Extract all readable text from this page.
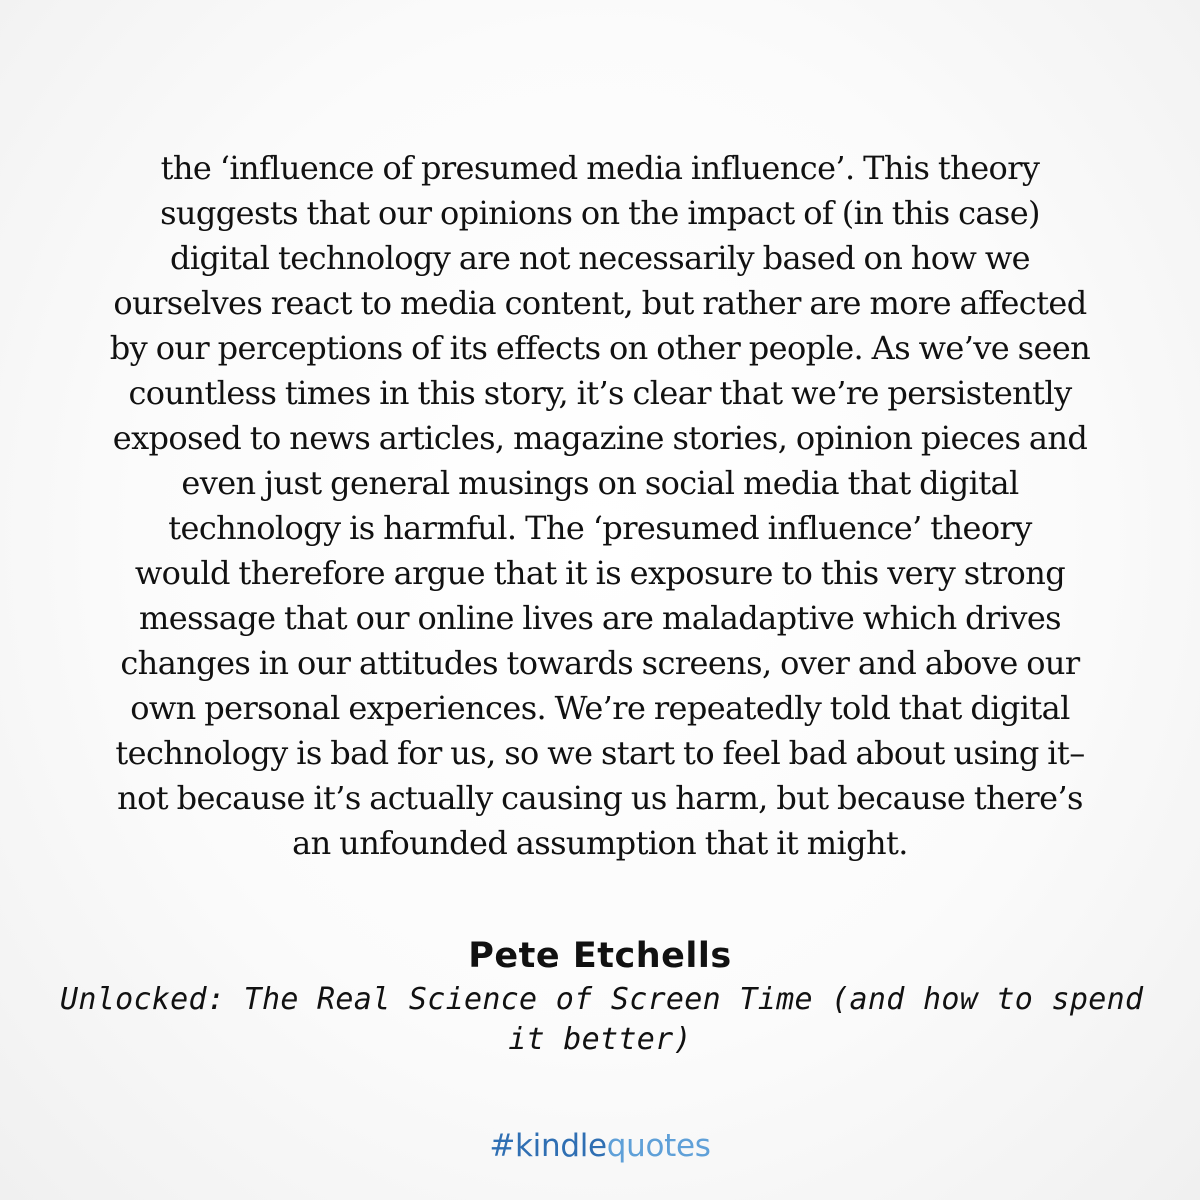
the ‘influence of presumed media influence’. This theory
suggests that our opinions on the impact of (in this case)
digital technology are not necessarily based on how we
ourselves react to media content, but rather are more affected
by our perceptions of its effects on other people. As we’ve seen
countless times in this story, it’s clear that we’re persistently
exposed to news articles, magazine stories, opinion pieces and
even just general musings on social media that digital
technology is harmful. The ‘presumed influence’ theory
would therefore argue that it is exposure to this very strong
message that our online lives are maladaptive which drives
changes in our attitudes towards screens, over and above our
own personal experiences. We’re repeatedly told that digital
technology is bad for us, so we start to feel bad about using it–
not because it’s actually causing us harm, but because there’s
an unfounded assumption that it might.

Pete Etchells
Unlocked: The Real Science of Screen Time (and how to spend
it better)
#kindlequotes
